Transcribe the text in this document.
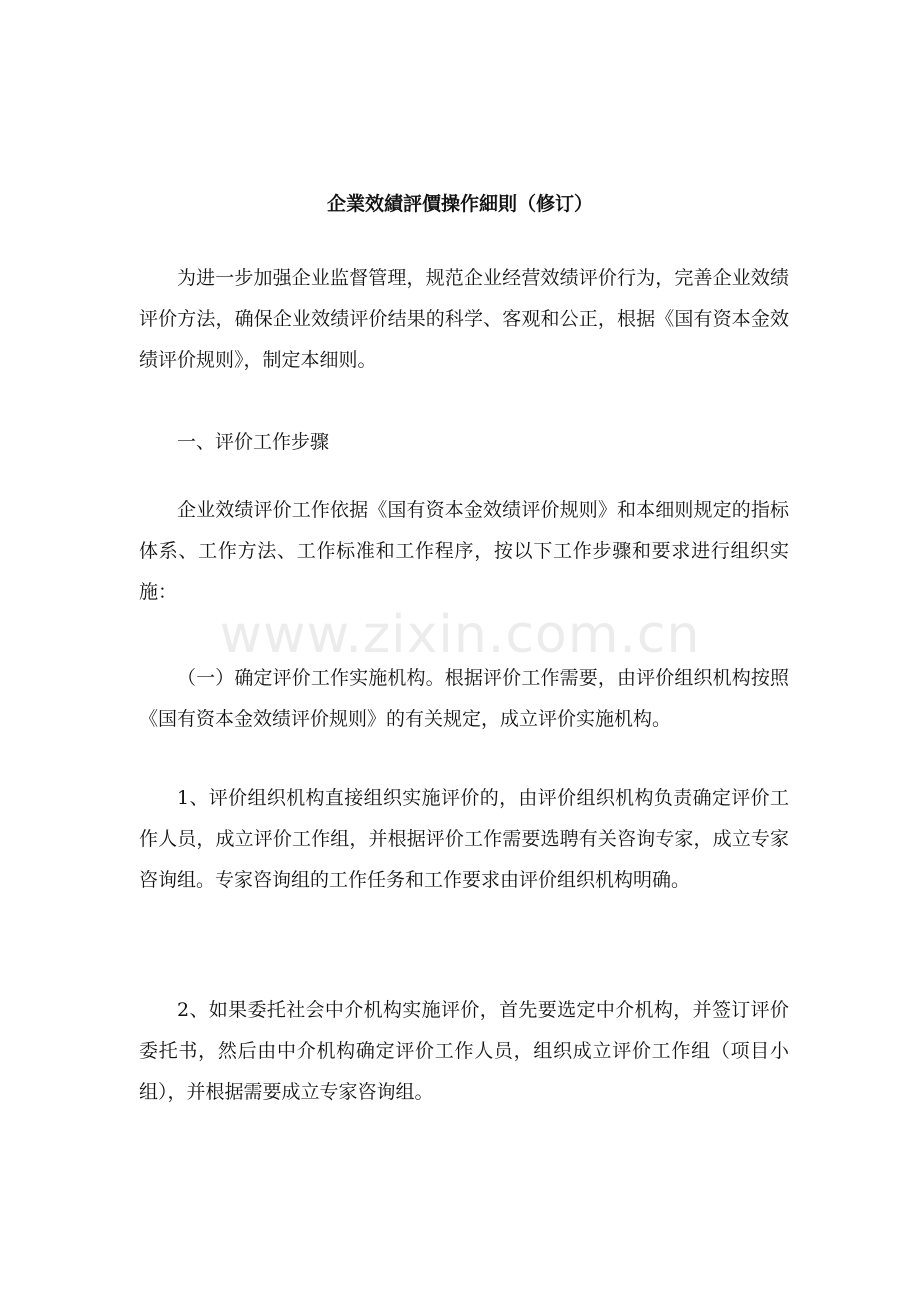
企業效績評價操作細則（修订）

为进一步加强企业监督管理，规范企业经营效绩评价行为，完善企业效绩评价方法，确保企业效绩评价结果的科学、客观和公正，根据《国有资本金效绩评价规则》，制定本细则。

一、评价工作步骤

企业效绩评价工作依据《国有资本金效绩评价规则》和本细则规定的指标体系、工作方法、工作标准和工作程序，按以下工作步骤和要求进行组织实施：

（一）确定评价工作实施机构。根据评价工作需要，由评价组织机构按照《国有资本金效绩评价规则》的有关规定，成立评价实施机构。

1、评价组织机构直接组织实施评价的，由评价组织机构负责确定评价工作人员，成立评价工作组，并根据评价工作需要选聘有关咨询专家，成立专家咨询组。专家咨询组的工作任务和工作要求由评价组织机构明确。

2、如果委托社会中介机构实施评价，首先要选定中介机构，并签订评价委托书，然后由中介机构确定评价工作人员，组织成立评价工作组（项目小组），并根据需要成立专家咨询组。

www.zixin.com.cn
